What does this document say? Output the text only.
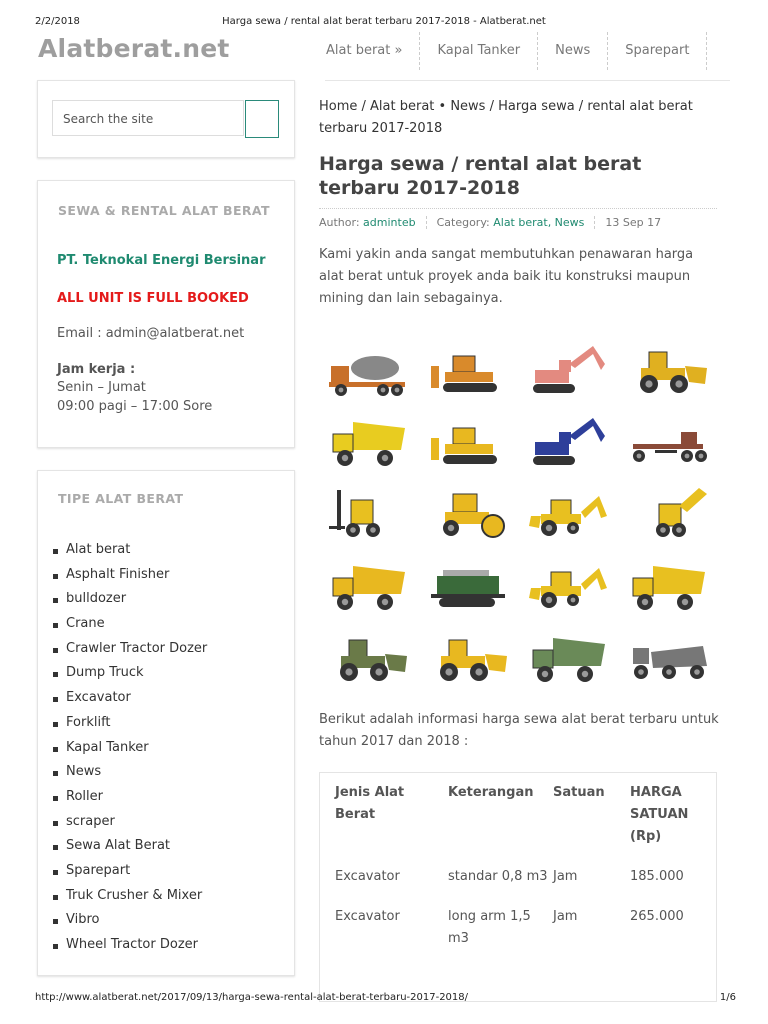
2/2/2018	Harga sewa / rental alat berat terbaru 2017-2018 - Alatberat.net
Alatberat.net	Alat berat »	Kapal Tanker	News	Sparepart
Search the site
SEWA & RENTAL ALAT BERAT
PT. Teknokal Energi Bersinar
ALL UNIT IS FULL BOOKED
Email : admin@alatberat.net
Jam kerja :
Senin – Jumat
09:00 pagi – 17:00 Sore
TIPE ALAT BERAT
Alat berat
Asphalt Finisher
bulldozer
Crane
Crawler Tractor Dozer
Dump Truck
Excavator
Forklift
Kapal Tanker
News
Roller
scraper
Sewa Alat Berat
Sparepart
Truk Crusher & Mixer
Vibro
Wheel Tractor Dozer
Home / Alat berat • News / Harga sewa / rental alat berat terbaru 2017-2018
Harga sewa / rental alat berat terbaru 2017-2018
Author: adminteb	Category: Alat berat, News	13 Sep 17

Kami yakin anda sangat membutuhkan penawaran harga alat berat untuk proyek anda baik itu konstruksi maupun mining dan lain sebagainya.

Berikut adalah informasi harga sewa alat berat terbaru untuk tahun 2017 dan 2018 :

Jenis Alat Berat	Keterangan	Satuan	HARGA SATUAN (Rp)
Excavator	standar 0,8 m3	Jam	185.000
Excavator	long arm 1,5 m3	Jam	265.000
http://www.alatberat.net/2017/09/13/harga-sewa-rental-alat-berat-terbaru-2017-2018/	1/6
